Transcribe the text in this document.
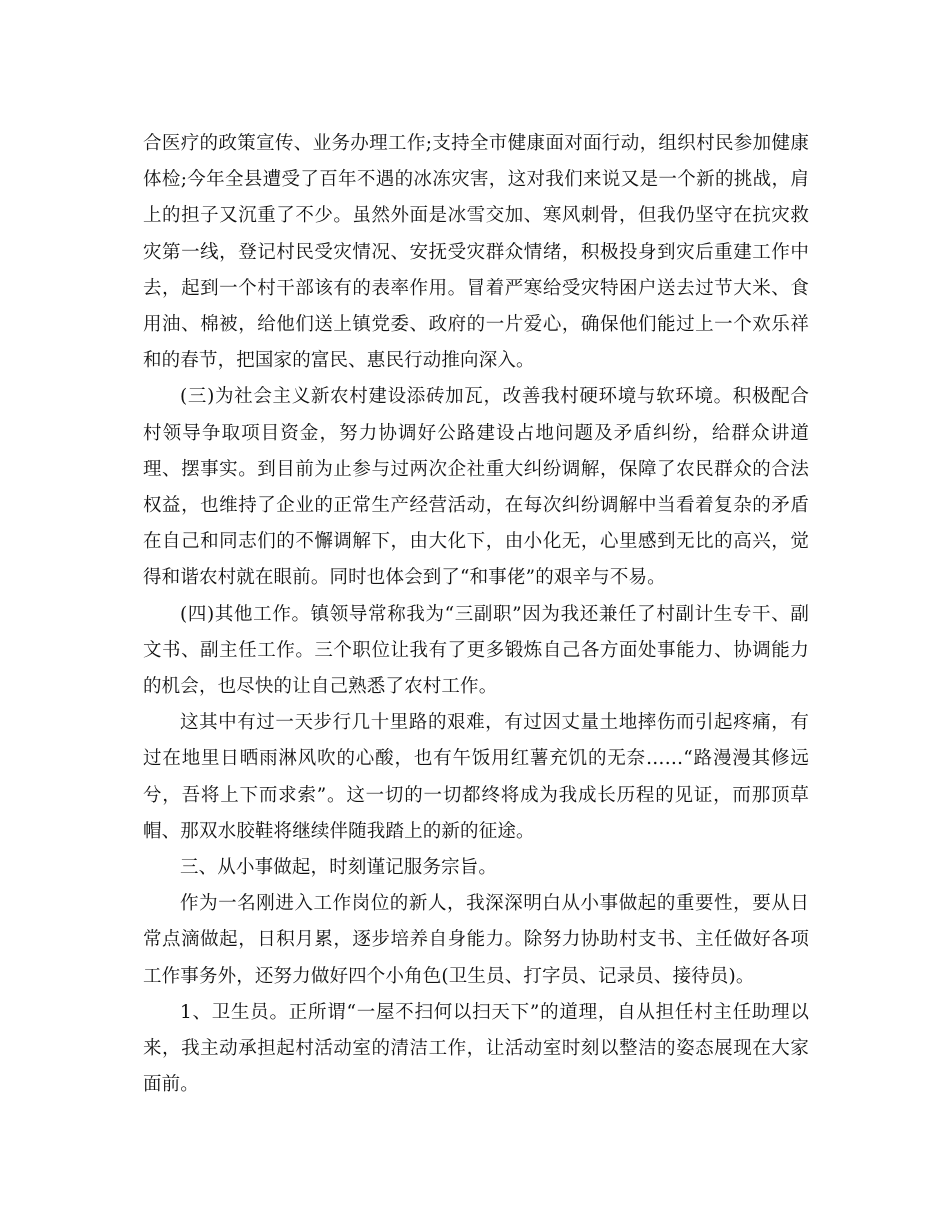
合医疗的政策宣传、业务办理工作;支持全市健康面对面行动，组织村民参加健康体检;今年全县遭受了百年不遇的冰冻灾害，这对我们来说又是一个新的挑战，肩上的担子又沉重了不少。虽然外面是冰雪交加、寒风刺骨，但我仍坚守在抗灾救灾第一线，登记村民受灾情况、安抚受灾群众情绪，积极投身到灾后重建工作中去，起到一个村干部该有的表率作用。冒着严寒给受灾特困户送去过节大米、食用油、棉被，给他们送上镇党委、政府的一片爱心，确保他们能过上一个欢乐祥和的春节，把国家的富民、惠民行动推向深入。

(三)为社会主义新农村建设添砖加瓦，改善我村硬环境与软环境。积极配合村领导争取项目资金，努力协调好公路建设占地问题及矛盾纠纷，给群众讲道理、摆事实。到目前为止参与过两次企社重大纠纷调解，保障了农民群众的合法权益，也维持了企业的正常生产经营活动，在每次纠纷调解中当看着复杂的矛盾在自己和同志们的不懈调解下，由大化下，由小化无，心里感到无比的高兴，觉得和谐农村就在眼前。同时也体会到了“和事佬”的艰辛与不易。

(四)其他工作。镇领导常称我为“三副职”因为我还兼任了村副计生专干、副文书、副主任工作。三个职位让我有了更多锻炼自己各方面处事能力、协调能力的机会，也尽快的让自己熟悉了农村工作。

这其中有过一天步行几十里路的艰难，有过因丈量土地摔伤而引起疼痛，有过在地里日晒雨淋风吹的心酸，也有午饭用红薯充饥的无奈……“路漫漫其修远兮，吾将上下而求索”。这一切的一切都终将成为我成长历程的见证，而那顶草帽、那双水胶鞋将继续伴随我踏上的新的征途。

三、从小事做起，时刻谨记服务宗旨。

作为一名刚进入工作岗位的新人，我深深明白从小事做起的重要性，要从日常点滴做起，日积月累，逐步培养自身能力。除努力协助村支书、主任做好各项工作事务外，还努力做好四个小角色(卫生员、打字员、记录员、接待员)。

1、卫生员。正所谓“一屋不扫何以扫天下”的道理，自从担任村主任助理以来，我主动承担起村活动室的清洁工作，让活动室时刻以整洁的姿态展现在大家面前。
